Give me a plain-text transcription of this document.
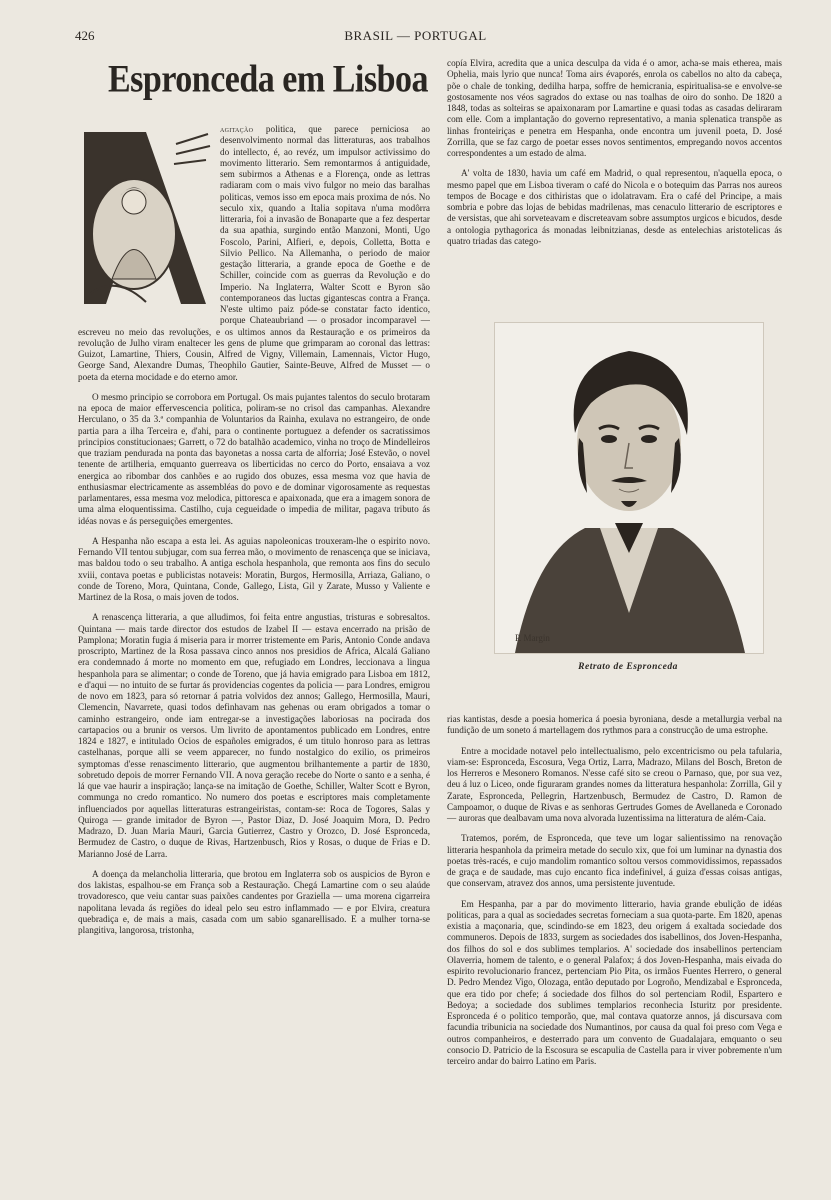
426	BRASIL — PORTUGAL
Espronceda em Lisboa

agitação politica, que parece perniciosa ao desenvolvimento normal das litteraturas, aos trabalhos do intellecto, é, ao revéz, um impulsor activissimo do movimento litterario. Sem remontarmos á antiguidade, sem subirmos a Athenas e a Florença, onde as lettras radiaram com o mais vivo fulgor no meio das baralhas politicas, vemos isso em epoca mais proxima de nós. No seculo xix, quando a Italia sopitava n'uma modôrra litteraria, foi a invasão de Bonaparte que a fez despertar da sua apathia, surgindo então Manzoni, Monti, Ugo Foscolo, Parini, Alfieri, e, depois, Colletta, Botta e Silvio Pellico. Na Allemanha, o periodo de maior gestação litteraria, a grande epoca de Goethe e de Schiller, coincide com as guerras da Revolução e do Imperio. Na Inglaterra, Walter Scott e Byron são contemporaneos das luctas gigantescas contra a França. N'este ultimo paiz póde-se constatar facto identico, porque Chateaubriand — o prosador incomparavel — escreveu no meio das revoluções, e os ultimos annos da Restauração e os primeiros da revolução de Julho viram enaltecer les gens de plume que grimparam ao coronal das lettras: Guizot, Lamartine, Thiers, Cousin, Alfred de Vigny, Villemain, Lamennais, Victor Hugo, George Sand, Alexandre Dumas, Theophilo Gautier, Sainte-Beuve, Alfred de Musset — o poeta da eterna mocidade e do eterno amor.

O mesmo principio se corrobora em Portugal. Os mais pujantes talentos do seculo brotaram na epoca de maior effervescencia politica, poliram-se no crisol das campanhas. Alexandre Herculano, o 35 da 3.ª companhia de Voluntarios da Rainha, exulava no estrangeiro, de onde partia para a ilha Terceira e, d'ahi, para o continente portuguez a defender os sacratissimos principios constitucionaes; Garrett, o 72 do batalhão academico, vinha no troço de Mindelleiros que traziam pendurada na ponta das bayonetas a nossa carta de alforria; José Estevão, o novel tenente de artilheria, emquanto guerreava os liberticidas no cerco do Porto, ensaiava a voz energica ao ribombar dos canhões e ao rugido dos obuzes, essa mesma voz que havia de enthusiasmar electricamente as assembléas do povo e de dominar vigorosamente as requestas parlamentares, essa mesma voz melodica, pittoresca e apaixonada, que era a imagem sonora de uma alma eloquentissima. Castilho, cuja cegueidade o impedia de militar, pagava tributo ás idéas novas e ás perseguições emergentes.

A Hespanha não escapa a esta lei. As aguias napoleonicas trouxeram-lhe o espirito novo. Fernando VII tentou subjugar, com sua ferrea mão, o movimento de renascença que se iniciava, mas baldou todo o seu trabalho. A antiga eschola hespanhola, que remonta aos fins do seculo xviii, contava poetas e publicistas notaveis: Moratin, Burgos, Hermosilla, Arriaza, Galiano, o conde de Toreno, Mora, Quintana, Conde, Gallego, Lista, Gil y Zarate, Musso y Valiente e Martinez de la Rosa, o mais joven de todos.

A renascença litteraria, a que alludimos, foi feita entre angustias, tristuras e sobresaltos. Quintana — mais tarde director dos estudos de Izabel II — estava encerrado na prisão de Pamplona; Moratin fugia á miseria para ir morrer tristemente em Paris, Antonio Conde andava proscripto, Martinez de la Rosa passava cinco annos nos presidios de Africa, Alcalá Galiano era condemnado á morte no momento em que, refugiado em Londres, leccionava a lingua hespanhola para se alimentar; o conde de Toreno, que já havia emigrado para Lisboa em 1812, e d'aqui — no intuito de se furtar ás providencias cogentes da policia — para Londres, emigrou de novo em 1823, para só retornar á patria volvidos dez annos; Gallego, Hermosilla, Mauri, Clemencin, Navarrete, quasi todos definhavam nas gehenas ou eram obrigados a tomar o caminho estrangeiro, onde iam entregar-se a investigações laboriosas na pocirada dos cartapacios ou a brunir os versos. Um livrito de apontamentos publicado em Londres, entre 1824 e 1827, e intitulado Ocios de españoles emigrados, é um titulo honroso para as lettras castelhanas, porque alli se veem apparecer, no fundo nostalgico do exilio, os primeiros symptomas d'esse renascimento litterario, que augmentou brilhantemente a partir de 1830, sobretudo depois de morrer Fernando VII. A nova geração recebe do Norte o santo e a senha, é lá que vae haurir a inspiração; lança-se na imitação de Goethe, Schiller, Walter Scott e Byron, communga no credo romantico. No numero dos poetas e escriptores mais completamente influenciados por aquellas litteraturas estrangeiristas, contam-se: Roca de Togores, Salas y Quiroga — grande imitador de Byron —, Pastor Diaz, D. José Joaquim Mora, D. Pedro Madrazo, D. Juan Maria Mauri, Garcia Gutierrez, Castro y Orozco, D. José Espronceda, Bermudez de Castro, o duque de Rivas, Hartzenbusch, Rios y Rosas, o duque de Frias e D. Marianno José de Larra.

A doença da melancholia litteraria, que brotou em Inglaterra sob os auspicios de Byron e dos lakistas, espalhou-se em França sob a Restauração. Chegá Lamartine com o seu alaúde trovadoresco, que veiu cantar suas paixões candentes por Graziella — uma morena cigarreira napolitana levada ás regiões do ideal pelo seu estro inflammado — e por Elvira, creatura quebradiça e, de mais a mais, casada com um sabio sganarellisado. E a mulher torna-se plangitiva, langorosa, tristonha,

copía Elvira, acredita que a unica desculpa da vida é o amor, acha-se mais etherea, mais Ophelia, mais lyrio que nunca! Toma airs évaporés, enrola os cabellos no alto da cabeça, põe o chale de tonking, dedilha harpa, soffre de hemicrania, espiritualisa-se e envolve-se gostosamente nos véos sagrados do extase ou nas toalhas de oiro do sonho. De 1820 a 1848, todas as solteiras se apaixonaram por Lamartine e quasi todas as casadas deliraram com elle. Com a implantação do governo representativo, a mania splenatica transpõe as linhas fronteiriças e penetra em Hespanha, onde encontra um juvenil poeta, D. José Zorrilla, que se faz cargo de poetar esses novos sentimentos, empregando novos accentos correspondentes a um estado de alma.

A' volta de 1830, havia um café em Madrid, o qual representou, n'aquella epoca, o mesmo papel que em Lisboa tiveram o café do Nicola e o botequim das Parras nos aureos tempos de Bocage e dos cithiristas que o idolatravam. Era o café del Principe, a mais sombria e pobre das lojas de bebidas madrilenas, mas cenaculo litterario de escriptores e de versistas, que ahi sorveteavam e discreteavam sobre assumptos urgicos e bicudos, desde a ontologia pythagorica ás monadas leibnitzianas, desde as entelechias aristotelicas ás quatro triadas das catego-

P. Margin
Retrato de Espronceda

rias kantistas, desde a poesia homerica á poesia byroniana, desde a metallurgia verbal na fundição de um soneto á martellagem dos rythmos para a construcção de uma estrophe.

Entre a mocidade notavel pelo intellectualismo, pelo excentricismo ou pela tafularia, viam-se: Espronceda, Escosura, Vega Ortiz, Larra, Madrazo, Milans del Bosch, Breton de los Herreros e Mesonero Romanos. N'esse café sito se creou o Parnaso, que, por sua vez, deu á luz o Liceo, onde figuraram grandes nomes da litteratura hespanhola: Zorrilla, Gil y Zarate, Espronceda, Pellegrin, Hartzenbusch, Bermudez de Castro, D. Ramon de Campoamor, o duque de Rivas e as senhoras Gertrudes Gomes de Avellaneda e Coronado — auroras que dealbavam uma nova alvorada luzentissima na litteratura de além-Caia.

Tratemos, porém, de Espronceda, que teve um logar salientissimo na renovação litteraria hespanhola da primeira metade do seculo xix, que foi um luminar na dynastia dos poetas très-racés, e cujo mandolim romantico soltou versos commovidissimos, repassados de graça e de saudade, mas cujo encanto fica indefinivel, á guiza d'essas coisas antigas, que conservam, atravez dos annos, uma persistente juventude.

Em Hespanha, par a par do movimento litterario, havia grande ebulição de idéas politicas, para a qual as sociedades secretas forneciam a sua quota-parte. Em 1820, apenas existia a maçonaria, que, scindindo-se em 1823, deu origem á exaltada sociedade dos communeros. Depois de 1833, surgem as sociedades dos isabellinos, dos Joven-Hespanha, dos filhos do sol e dos sublimes templarios. A' sociedade dos insabellinos pertenciam Olaverria, homem de talento, e o general Palafox; á dos Joven-Hespanha, mais eivada do espirito revolucionario francez, pertenciam Pio Pita, os irmãos Fuentes Herrero, o general D. Pedro Mendez Vigo, Olozaga, então deputado por Logroño, Mendizabal e Espronceda, que era tido por chefe; á sociedade dos filhos do sol pertenciam Rodil, Espartero e Bedoya; a sociedade dos sublimes templarios reconhecia Isturitz por presidente. Espronceda é o politico temporão, que, mal contava quatorze annos, já discursava com facundia tribunicia na sociedade dos Numantinos, por causa da qual foi preso com Vega e outros companheiros, e desterrado para um convento de Guadalajara, emquanto o seu consocio D. Patricio de la Escosura se escapulia de Castella para ir viver pobremente n'um terceiro andar do bairro Latino em Paris.
